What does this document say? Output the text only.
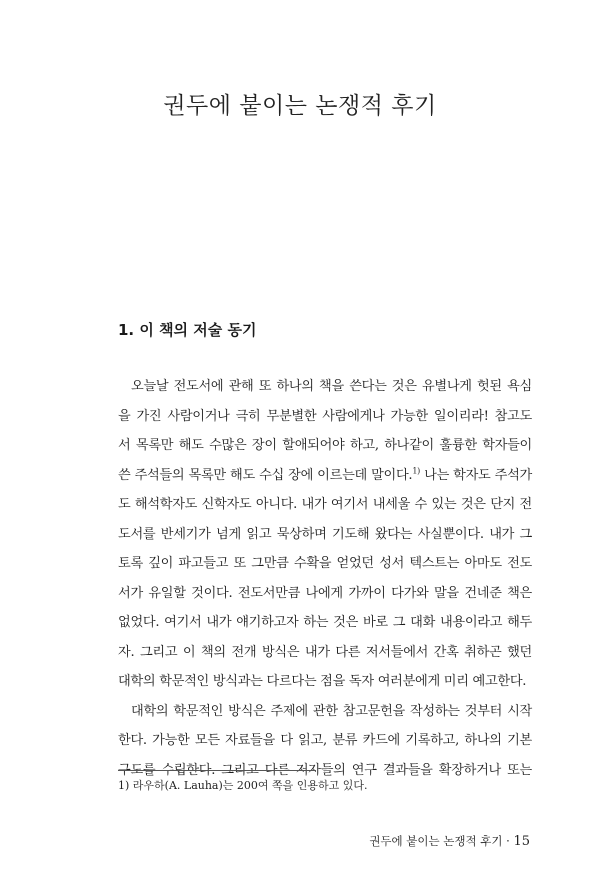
권두에 붙이는 논쟁적 후기
1. 이 책의 저술 동기
오늘날 전도서에 관해 또 하나의 책을 쓴다는 것은 유별나게 헛된 욕심
을 가진 사람이거나 극히 무분별한 사람에게나 가능한 일이리라! 참고도
서 목록만 해도 수많은 장이 할애되어야 하고, 하나같이 훌륭한 학자들이
쓴 주석들의 목록만 해도 수십 장에 이르는데 말이다.$^{1)}$ 나는 학자도 주석가
도 해석학자도 신학자도 아니다. 내가 여기서 내세울 수 있는 것은 단지 전
도서를 반세기가 넘게 읽고 묵상하며 기도해 왔다는 사실뿐이다. 내가 그
토록 깊이 파고들고 또 그만큼 수확을 얻었던 성서 텍스트는 아마도 전도
서가 유일할 것이다. 전도서만큼 나에게 가까이 다가와 말을 건네준 책은
없었다. 여기서 내가 얘기하고자 하는 것은 바로 그 대화 내용이라고 해두
자. 그리고 이 책의 전개 방식은 내가 다른 저서들에서 간혹 취하곤 했던
대학의 학문적인 방식과는 다르다는 점을 독자 여러분에게 미리 예고한다.
대학의 학문적인 방식은 주제에 관한 참고문헌을 작성하는 것부터 시작
한다. 가능한 모든 자료들을 다 읽고, 분류 카드에 기록하고, 하나의 기본
구도를 수립한다. 그리고 다른 저자들의 연구 결과들을 확장하거나 또는
1) 라우하(A. Lauha)는 200여 쪽을 인용하고 있다.
권두에 붙이는 논쟁적 후기 · 15
